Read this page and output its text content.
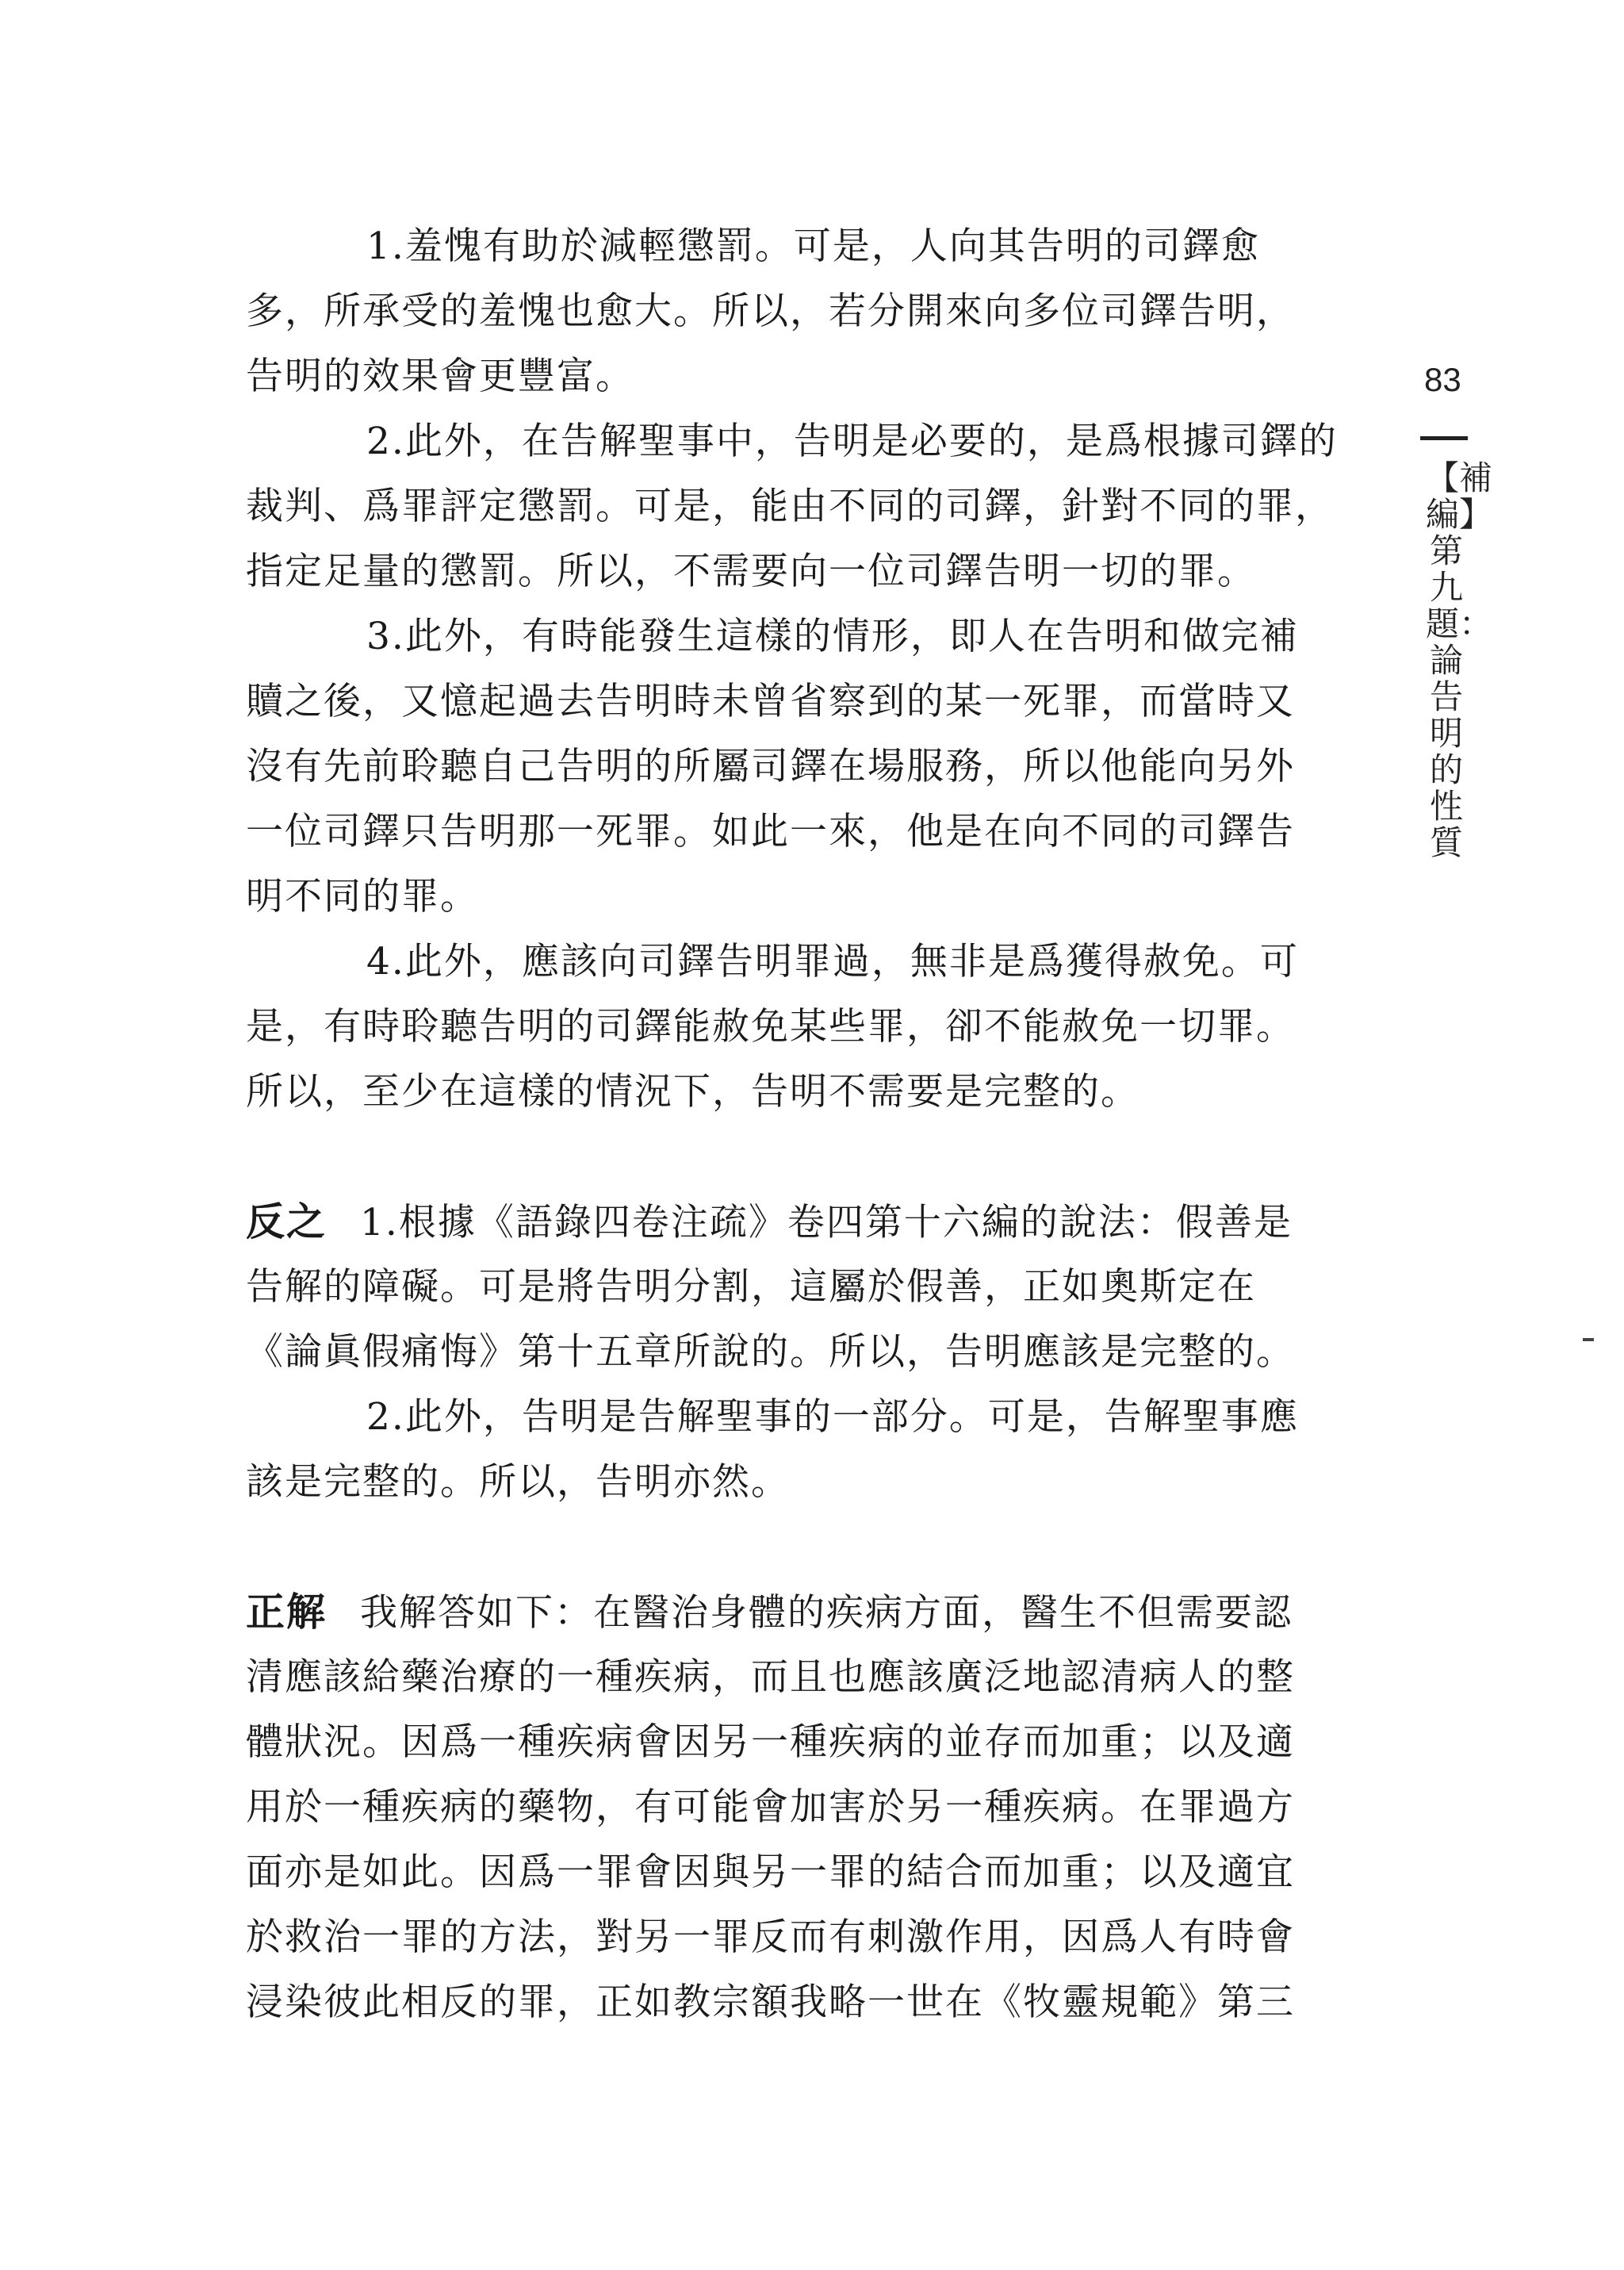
1.羞愧有助於減輕懲罰。可是，人向其告明的司鐸愈
多，所承受的羞愧也愈大。所以，若分開來向多位司鐸告明，
告明的效果會更豐富。
2.此外，在告解聖事中，告明是必要的，是爲根據司鐸的
裁判、爲罪評定懲罰。可是，能由不同的司鐸，針對不同的罪，
指定足量的懲罰。所以，不需要向一位司鐸告明一切的罪。
3.此外，有時能發生這樣的情形，即人在告明和做完補
贖之後，又憶起過去告明時未曾省察到的某一死罪，而當時又
沒有先前聆聽自己告明的所屬司鐸在場服務，所以他能向另外
一位司鐸只告明那一死罪。如此一來，他是在向不同的司鐸告
明不同的罪。
4.此外，應該向司鐸告明罪過，無非是爲獲得赦免。可
是，有時聆聽告明的司鐸能赦免某些罪，卻不能赦免一切罪。
所以，至少在這樣的情況下，告明不需要是完整的。
反之 1.根據《語錄四卷注疏》卷四第十六編的說法：假善是
告解的障礙。可是將告明分割，這屬於假善，正如奧斯定在
《論眞假痛悔》第十五章所說的。所以，告明應該是完整的。
2.此外，告明是告解聖事的一部分。可是，告解聖事應
該是完整的。所以，告明亦然。
正解 我解答如下：在醫治身體的疾病方面，醫生不但需要認
清應該給藥治療的一種疾病，而且也應該廣泛地認清病人的整
體狀況。因爲一種疾病會因另一種疾病的並存而加重；以及適
用於一種疾病的藥物，有可能會加害於另一種疾病。在罪過方
面亦是如此。因爲一罪會因與另一罪的結合而加重；以及適宜
於救治一罪的方法，對另一罪反而有刺激作用，因爲人有時會
浸染彼此相反的罪，正如教宗額我略一世在《牧靈規範》第三
83
【補編】第九題：論告明的性質
